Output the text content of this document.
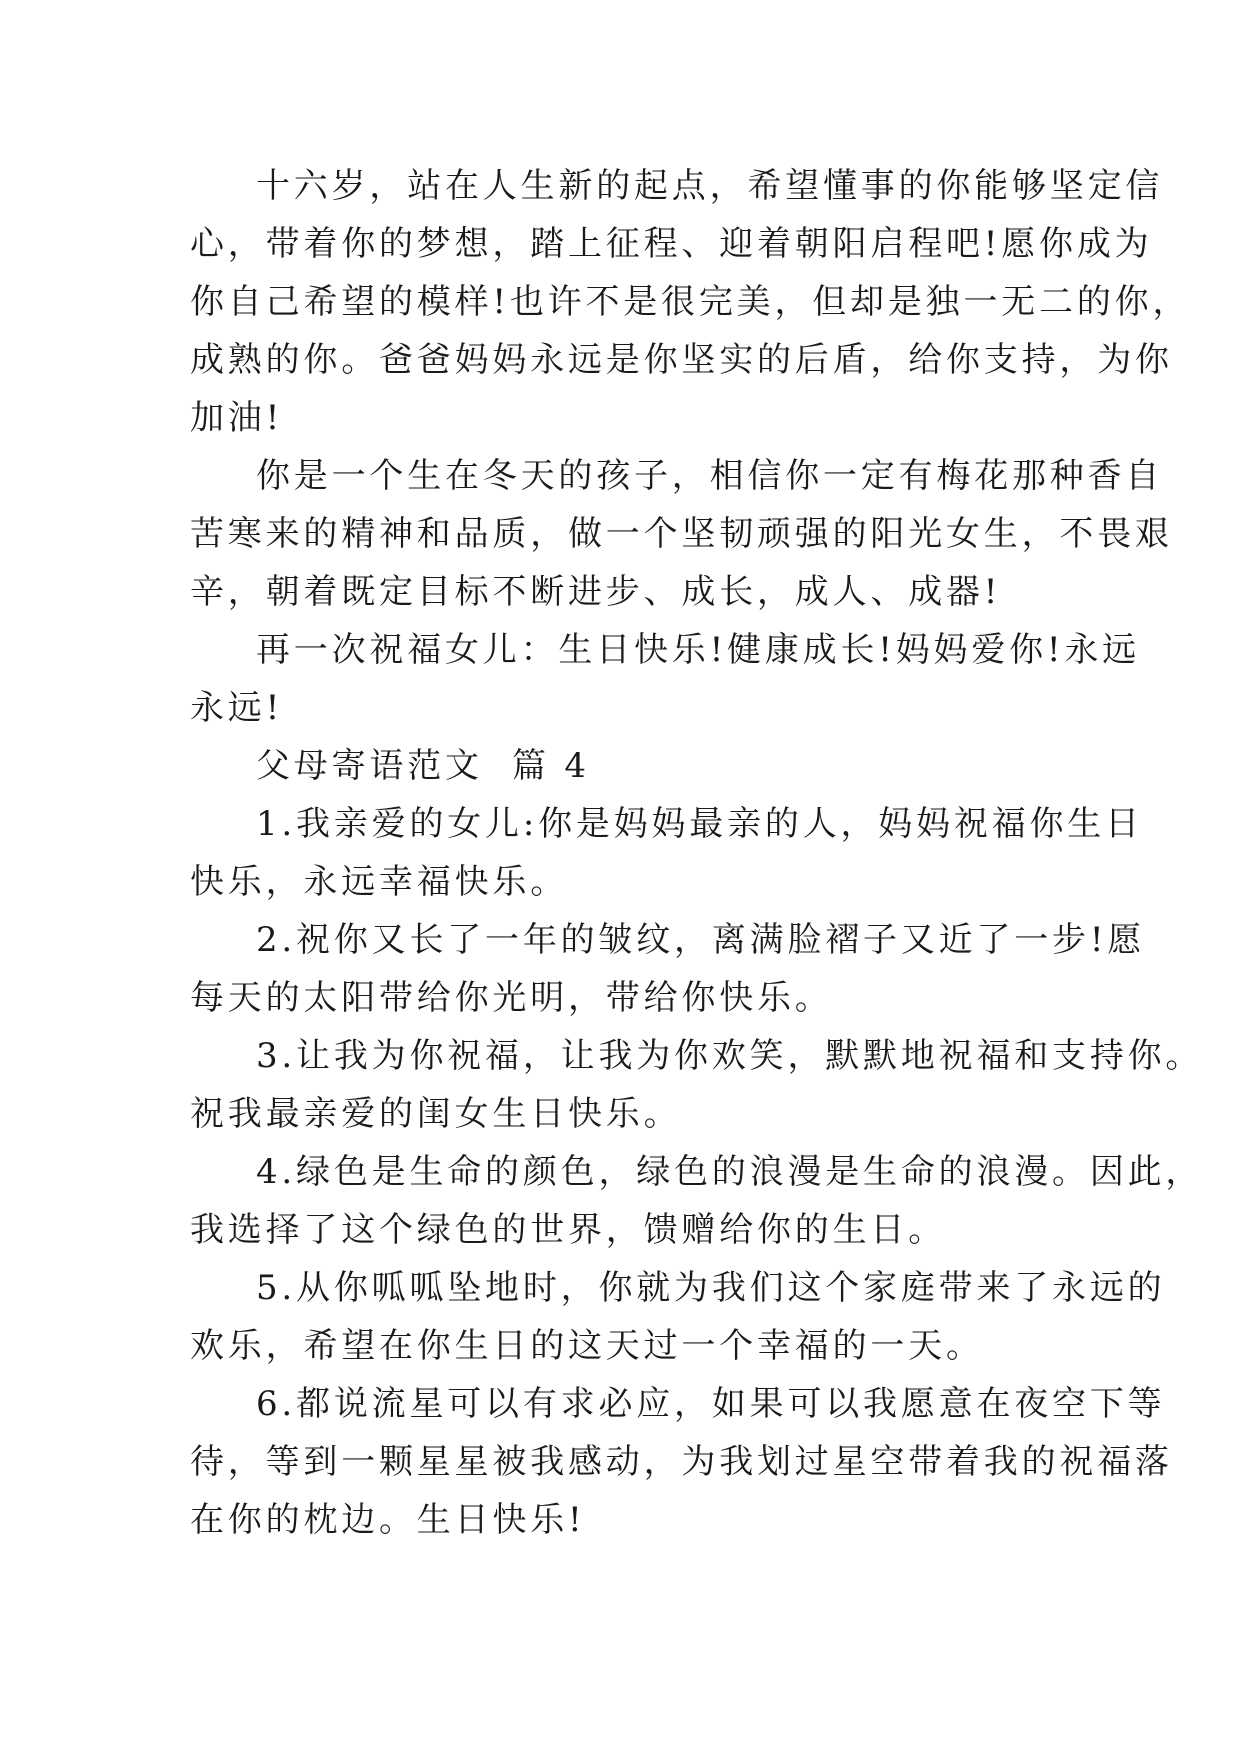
十六岁，站在人生新的起点，希望懂事的你能够坚定信
心，带着你的梦想，踏上征程、迎着朝阳启程吧!愿你成为
你自己希望的模样!也许不是很完美，但却是独一无二的你，
成熟的你。爸爸妈妈永远是你坚实的后盾，给你支持，为你
加油!
你是一个生在冬天的孩子，相信你一定有梅花那种香自
苦寒来的精神和品质，做一个坚韧顽强的阳光女生，不畏艰
辛，朝着既定目标不断进步、成长，成人、成器!
再一次祝福女儿：生日快乐!健康成长!妈妈爱你!永远
永远!
父母寄语范文  篇 4
1.我亲爱的女儿:你是妈妈最亲的人，妈妈祝福你生日
快乐，永远幸福快乐。
2.祝你又长了一年的皱纹，离满脸褶子又近了一步!愿
每天的太阳带给你光明，带给你快乐。
3.让我为你祝福，让我为你欢笑，默默地祝福和支持你。
祝我最亲爱的闺女生日快乐。
4.绿色是生命的颜色，绿色的浪漫是生命的浪漫。因此，
我选择了这个绿色的世界，馈赠给你的生日。
5.从你呱呱坠地时，你就为我们这个家庭带来了永远的
欢乐，希望在你生日的这天过一个幸福的一天。
6.都说流星可以有求必应，如果可以我愿意在夜空下等
待，等到一颗星星被我感动，为我划过星空带着我的祝福落
在你的枕边。生日快乐!
